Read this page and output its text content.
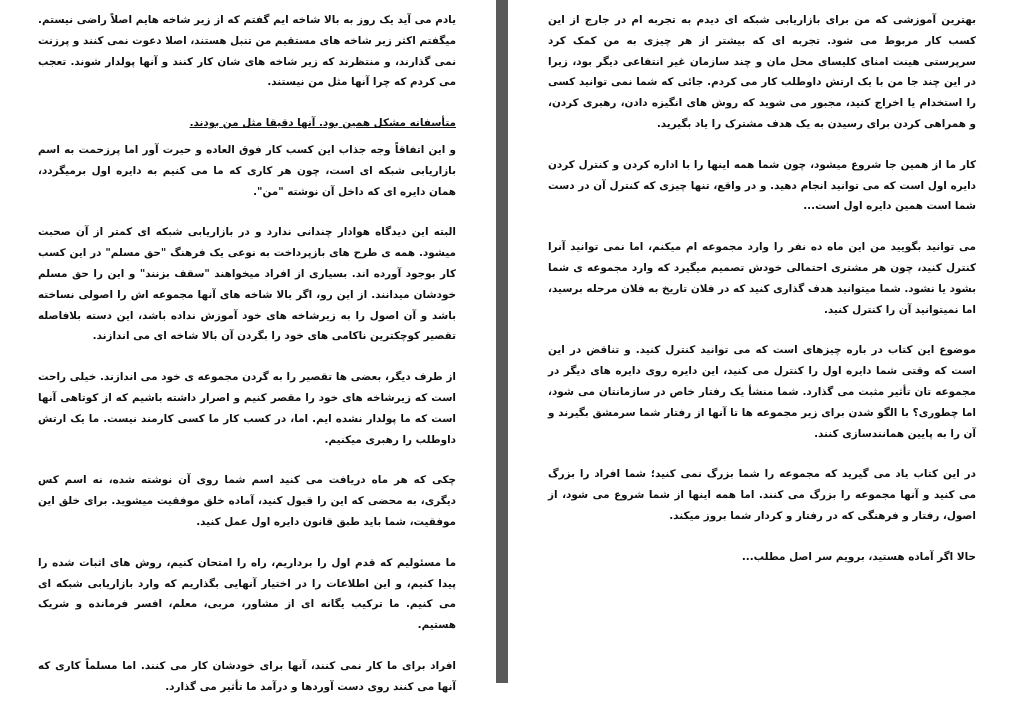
یادم می آید یک روز به بالا شاخه ایم گفتم که از زیر شاخه هایم اصلاً راضی نیستم. میگفتم اکثر زیر شاخه های مستقیم من تنبل هستند، اصلا دعوت نمی کنند و پرزنت نمی گذارند، و منتظرند که زیر شاخه های شان کار کنند و آنها پولدار شوند. تعجب می کردم که چرا آنها مثل من نیستند.

متأسفانه مشکل همین بود. آنها دقیقا مثل من بودند.

و این اتفاقاً وجه جذاب این کسب کار فوق العاده و حیرت آور اما پرزحمت به اسم بازاریابی شبکه ای است، چون هر کاری که ما می کنیم به دایره اول برمیگردد، همان دایره ای که داخل آن نوشته "من".

البته این دیدگاه هوادار چندانی ندارد و در بازاریابی شبکه ای کمتر از آن صحبت میشود. همه ی طرح های بازپرداخت به نوعی یک فرهنگ "حق مسلم" در این کسب کار بوجود آورده اند. بسیاری از افراد میخواهند "سقف بزنند" و این را حق مسلم خودشان میدانند. از این رو، اگر بالا شاخه های آنها مجموعه اش را اصولی نساخته باشد و آن اصول را به زیرشاخه های خود آموزش نداده باشد، این دسته بلافاصله تقصیر کوچکترین ناکامی های خود را بگردن آن بالا شاخه ای می اندازند.

از طرف دیگر، بعضی ها تقصیر را به گردن مجموعه ی خود می اندازند. خیلی راحت است که زیرشاخه های خود را مقصر کنیم و اصرار داشته باشیم که از کوتاهی آنها است که ما پولدار نشده ایم. اما، در کسب کار ما کسی کارمند نیست. ما یک ارتش داوطلب را رهبری میکنیم.

چکی که هر ماه دریافت می کنید اسم شما روی آن نوشته شده، نه اسم کس دیگری، به محضی که این را قبول کنید، آماده خلق موفقیت میشوید. برای خلق این موفقیت، شما باید طبق قانون دایره اول عمل کنید.

ما مسئولیم که قدم اول را برداریم، راه را امتحان کنیم، روش های اثبات شده را پیدا کنیم، و این اطلاعات را در اختیار آنهایی بگذاریم که وارد بازاریابی شبکه ای می کنیم. ما ترکیب یگانه ای از مشاور، مربی، معلم، افسر فرمانده و شریک هستیم.

افراد برای ما کار نمی کنند، آنها برای خودشان کار می کنند. اما مسلماً کاری که آنها می کنند روی دست آوردها و درآمد ما تأثیر می گذارد.

بهترین آموزشی که من برای بازاریابی شبکه ای دیدم به تجربه ام در جارج از این کسب کار مربوط می شود. تجربه ای که بیشتر از هر چیزی به من کمک کرد سرپرستی هینت امنای کلیسای محل مان و چند سازمان غیر انتفاعی دیگر بود، زیرا در این چند جا من با یک ارتش داوطلب کار می کردم. جائی که شما نمی توانید کسی را استخدام یا اخراج کنید، مجبور می شوید که روش های انگیزه دادن، رهبری کردن، و همراهی کردن برای رسیدن به یک هدف مشترک را یاد بگیرید.

کار ما از همین جا شروع میشود، چون شما همه اینها را با اداره کردن و کنترل کردن دایره اول است که می توانید انجام دهید. و در واقع، تنها چیزی که کنترل آن در دست شما است همین دایره اول است...

می توانید بگویید من این ماه ده نفر را وارد مجموعه ام میکنم، اما نمی توانید آنرا کنترل کنید، چون هر مشتری احتمالی خودش تصمیم میگیرد که وارد مجموعه ی شما بشود یا نشود. شما میتوانید هدف گذاری کنید که در فلان تاریخ به فلان مرحله برسید، اما نمیتوانید آن را کنترل کنید.

موضوع این کتاب در باره چیزهای است که می توانید کنترل کنید. و تناقض در این است که وقتی شما دایره اول را کنترل می کنید، این دایره روی دایره های دیگر در مجموعه تان تأثیر مثبت می گذارد. شما منشأ یک رفتار خاص در سازمانتان می شود، اما چطوری؟ با الگو شدن برای زیر مجموعه ها تا آنها از رفتار شما سرمشق بگیرند و آن را به پایین همانندسازی کنند.

در این کتاب یاد می گیرید که مجموعه را شما بزرگ نمی کنید؛ شما افراد را بزرگ می کنید و آنها مجموعه را بزرگ می کنند. اما همه اینها از شما شروع می شود، از اصول، رفتار و فرهنگی که در رفتار و کردار شما بروز میکند.

حالا اگر آماده هستید، برویم سر اصل مطلب...
